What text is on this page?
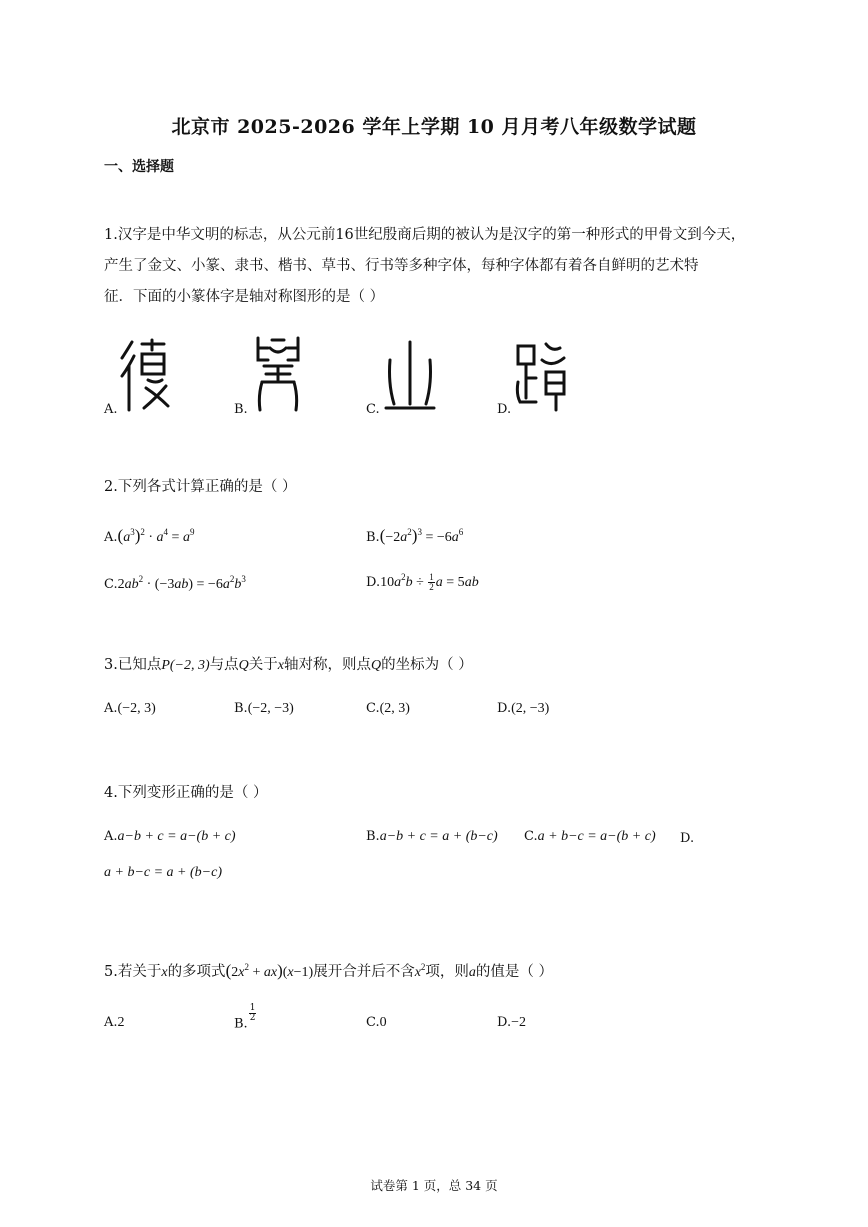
北京市 2025-2026 学年上学期 10 月月考八年级数学试题
一、选择题
1.汉字是中华文明的标志，从公元前16世纪殷商后期的被认为是汉字的第一种形式的甲骨文到今天，
产生了金文、小篆、隶书、楷书、草书、行书等多种字体，每种字体都有着各自鲜明的艺术特
征．下面的小篆体字是轴对称图形的是（ ）
A.	B.	C.	D.
2.下列各式计算正确的是（ ）
$A.(a^3)^2 \cdot a^4 = a^9$	$B.(-2a^2)^3 = -6a^6$
$C.2ab^2 \cdot (-3ab) = -6a^2b^3$	$D.10a^2b \div \frac{1}{2}$ a = 5ab
3.已知点P(−2, 3)与点Q关于x轴对称，则点Q的坐标为（ ）
A.(−2, 3)	B.(−2, −3)	C.(2, 3)	D.(2, −3)
4.下列变形正确的是（ ）
A.a−b + c = a−(b + c)	B.a−b + c = a + (b−c) C.a + b−c = a−(b + c) D.
a + b−c = a + (b−c)
5.若关于x的多项式$(2x^2 + ax)(x-1)$展开合并后不含$x^2$项，则a的值是（ ）
A.2	B.
$\frac{1}{2}$	C.0	D.−2
试卷第 1 页，总 34 页
